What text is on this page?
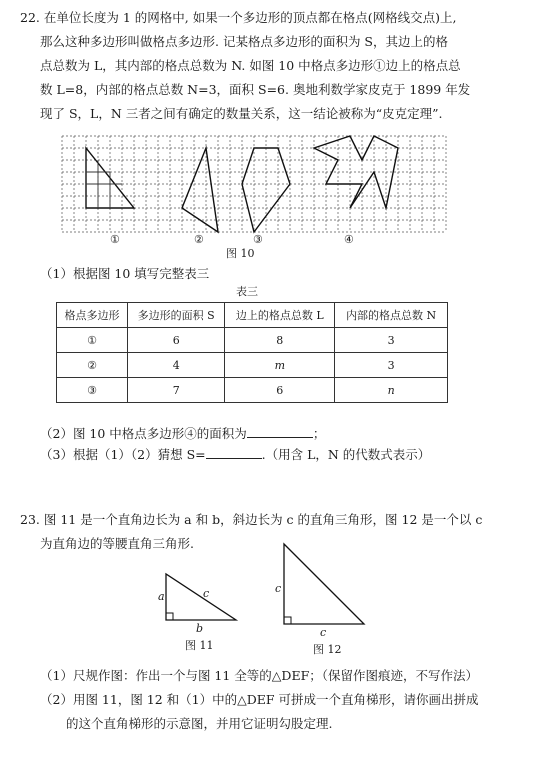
22. 在单位长度为 1 的网格中, 如果一个多边形的顶点都在格点(网格线交点)上,
那么这种多边形叫做格点多边形. 记某格点多边形的面积为 S，其边上的格
点总数为 L，其内部的格点总数为 N. 如图 10 中格点多边形①边上的格点总
数 L=8，内部的格点总数 N=3，面积 S=6. 奥地利数学家皮克于 1899 年发
现了 S，L，N 三者之间有确定的数量关系，这一结论被称为“皮克定理”.
①	②	③	④
图 10
（1）根据图 10 填写完整表三
表三
格点多边形	多边形的面积 S	边上的格点总数 L	内部的格点总数 N
①	6	8	3
②	4	m	3
③	7	6	n
（2）图 10 中格点多边形④的面积为	；
（3）根据（1）（2）猜想 S=	.（用含 L，N 的代数式表示）
23. 图 11 是一个直角边长为 a 和 b，斜边长为 c 的直角三角形，图 12 是一个以 c
为直角边的等腰直角三角形.
a	c
b
图 11
c
c
图 12
（1）尺规作图：作出一个与图 11 全等的△DEF；（保留作图痕迹，不写作法）
（2）用图 11，图 12 和（1）中的△DEF 可拼成一个直角梯形，请你画出拼成
的这个直角梯形的示意图，并用它证明勾股定理.
